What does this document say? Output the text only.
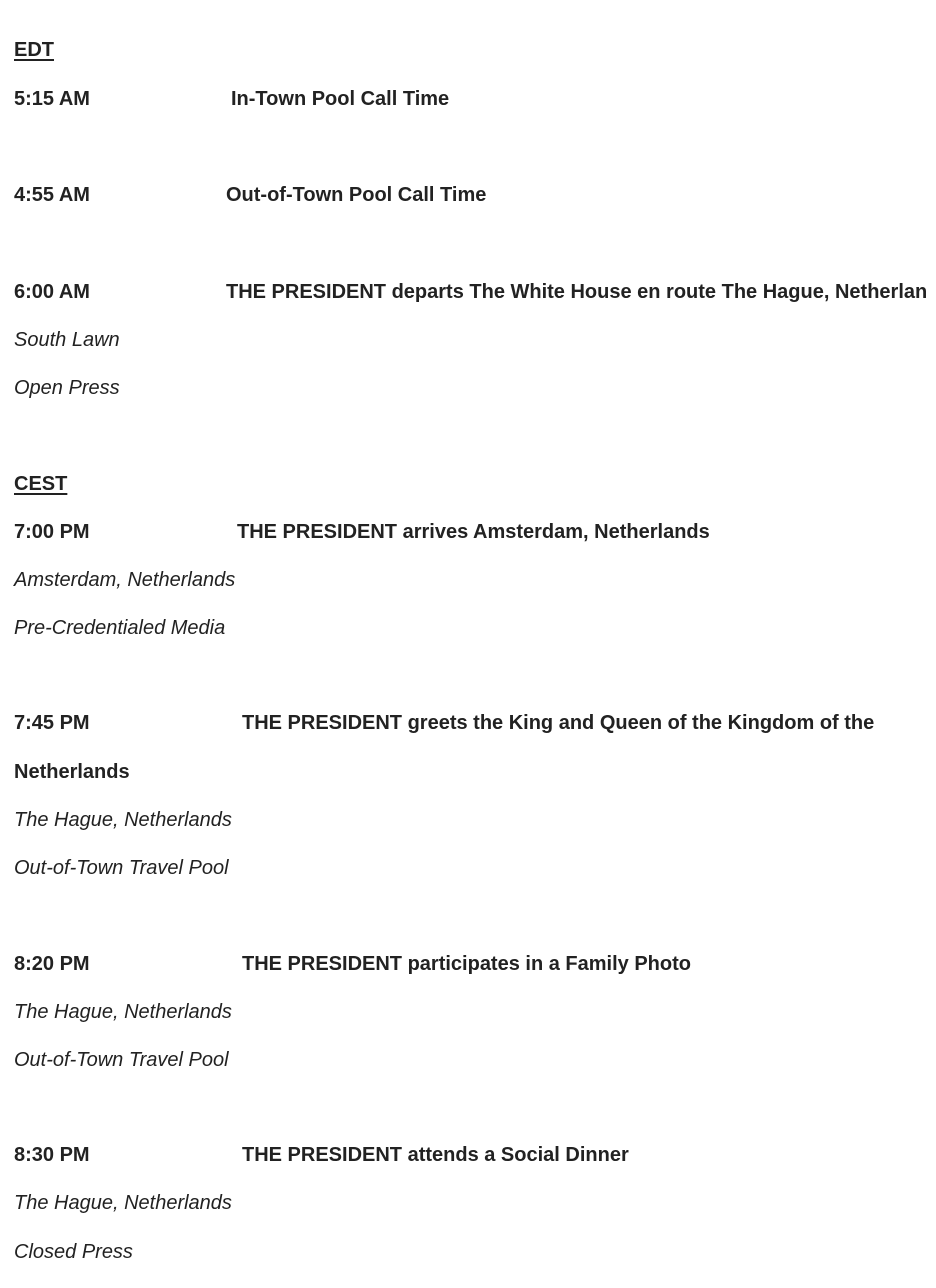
EDT
5:15 AM	In-Town Pool Call Time
4:55 AM	Out-of-Town Pool Call Time
6:00 AM	THE PRESIDENT departs The White House en route The Hague, Netherlan
South Lawn
Open Press
CEST
7:00 PM	THE PRESIDENT arrives Amsterdam, Netherlands
Amsterdam, Netherlands
Pre-Credentialed Media
7:45 PM	THE PRESIDENT greets the King and Queen of the Kingdom of the
Netherlands
The Hague, Netherlands
Out-of-Town Travel Pool
8:20 PM	THE PRESIDENT participates in a Family Photo
The Hague, Netherlands
Out-of-Town Travel Pool
8:30 PM	THE PRESIDENT attends a Social Dinner
The Hague, Netherlands
Closed Press
